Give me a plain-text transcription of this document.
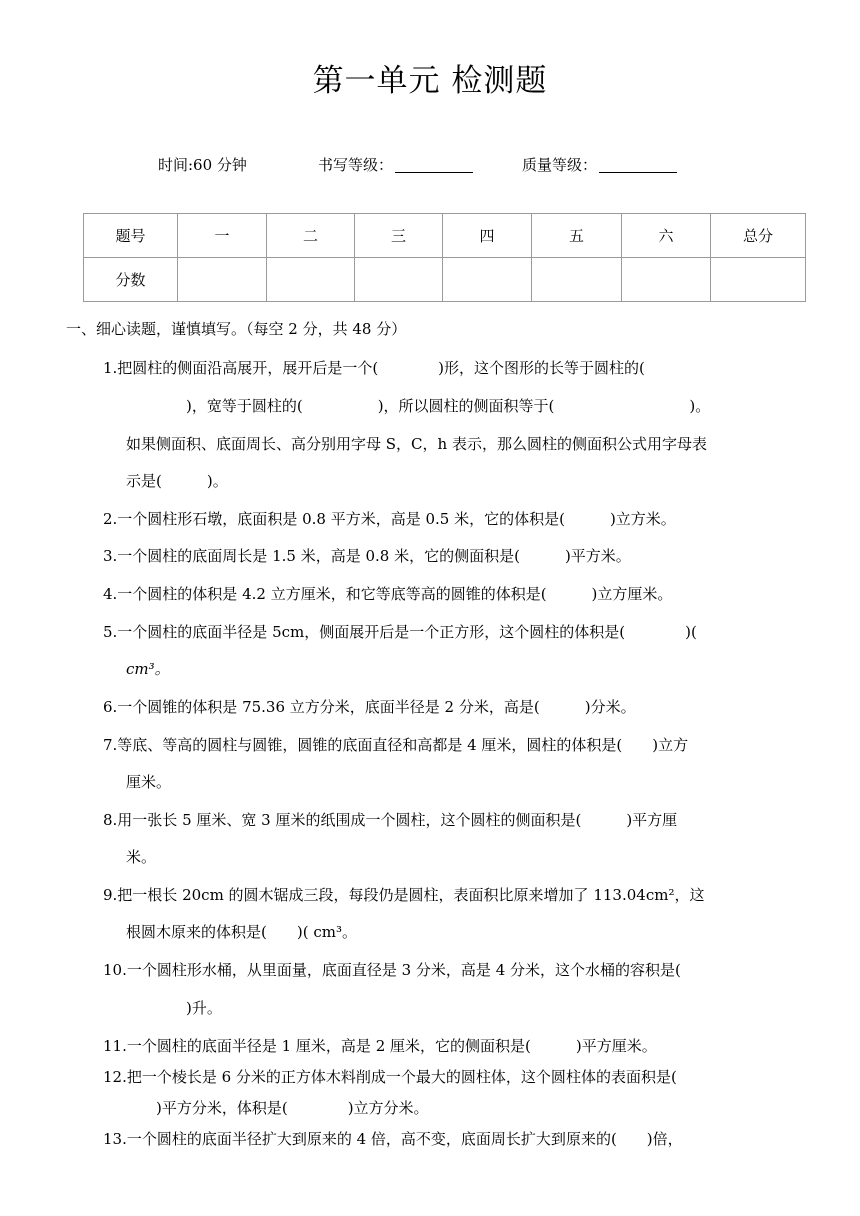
第一单元 检测题
时间:60 分钟	书写等级：	质量等级：
题号	一	二	三	四	五	六	总分
分数							
一、细心读题，谨慎填写。（每空 2 分，共 48 分）
1.把圆柱的侧面沿高展开，展开后是一个(　　　　)形，这个图形的长等于圆柱的(
　　　　)，宽等于圆柱的(　　　　　)，所以圆柱的侧面积等于(　　　　　　　　　)。
如果侧面积、底面周长、高分别用字母 S，C，h 表示，那么圆柱的侧面积公式用字母表
示是(　　　)。
2.一个圆柱形石墩，底面积是 0.8 平方米，高是 0.5 米，它的体积是(　　　)立方米。
3.一个圆柱的底面周长是 1.5 米，高是 0.8 米，它的侧面积是(　　　)平方米。
4.一个圆柱的体积是 4.2 立方厘米，和它等底等高的圆锥的体积是(　　　)立方厘米。
5.一个圆柱的底面半径是 5cm，侧面展开后是一个正方形，这个圆柱的体积是(　　　　)(
cm³。
6.一个圆锥的体积是 75.36 立方分米，底面半径是 2 分米，高是(　　　)分米。
7.等底、等高的圆柱与圆锥，圆锥的底面直径和高都是 4 厘米，圆柱的体积是(　　)立方
厘米。
8.用一张长 5 厘米、宽 3 厘米的纸围成一个圆柱，这个圆柱的侧面积是(　　　)平方厘
米。
9.把一根长 20cm 的圆木锯成三段，每段仍是圆柱，表面积比原来增加了 113.04cm²，这
根圆木原来的体积是(　　)( cm³。
10.一个圆柱形水桶，从里面量，底面直径是 3 分米，高是 4 分米，这个水桶的容积是(
　　　　)升。
11.一个圆柱的底面半径是 1 厘米，高是 2 厘米，它的侧面积是(　　　)平方厘米。
12.把一个棱长是 6 分米的正方体木料削成一个最大的圆柱体，这个圆柱体的表面积是(
　　)平方分米，体积是(　　　　)立方分米。
13.一个圆柱的底面半径扩大到原来的 4 倍，高不变，底面周长扩大到原来的(　　)倍，
